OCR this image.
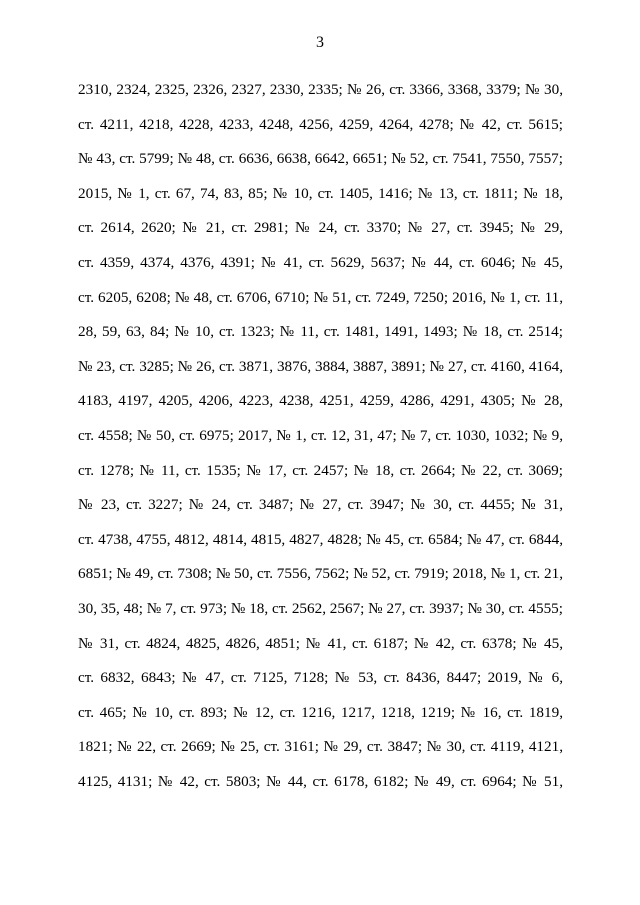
3
2310, 2324, 2325, 2326, 2327, 2330, 2335; № 26, ст. 3366, 3368, 3379; № 30,
ст. 4211, 4218, 4228, 4233, 4248, 4256, 4259, 4264, 4278; № 42, ст. 5615;
№ 43, ст. 5799; № 48, ст. 6636, 6638, 6642, 6651; № 52, ст. 7541, 7550, 7557;
2015, № 1, ст. 67, 74, 83, 85; № 10, ст. 1405, 1416; № 13, ст. 1811; № 18,
ст. 2614, 2620; № 21, ст. 2981; № 24, ст. 3370; № 27, ст. 3945; № 29,
ст. 4359, 4374, 4376, 4391; № 41, ст. 5629, 5637; № 44, ст. 6046; № 45,
ст. 6205, 6208; № 48, ст. 6706, 6710; № 51, ст. 7249, 7250; 2016, № 1, ст. 11,
28, 59, 63, 84; № 10, ст. 1323; № 11, ст. 1481, 1491, 1493; № 18, ст. 2514;
№ 23, ст. 3285; № 26, ст. 3871, 3876, 3884, 3887, 3891; № 27, ст. 4160, 4164,
4183, 4197, 4205, 4206, 4223, 4238, 4251, 4259, 4286, 4291, 4305; № 28,
ст. 4558; № 50, ст. 6975; 2017, № 1, ст. 12, 31, 47; № 7, ст. 1030, 1032; № 9,
ст. 1278; № 11, ст. 1535; № 17, ст. 2457; № 18, ст. 2664; № 22, ст. 3069;
№ 23, ст. 3227; № 24, ст. 3487; № 27, ст. 3947; № 30, ст. 4455; № 31,
ст. 4738, 4755, 4812, 4814, 4815, 4827, 4828; № 45, ст. 6584; № 47, ст. 6844,
6851; № 49, ст. 7308; № 50, ст. 7556, 7562; № 52, ст. 7919; 2018, № 1, ст. 21,
30, 35, 48; № 7, ст. 973; № 18, ст. 2562, 2567; № 27, ст. 3937; № 30, ст. 4555;
№ 31, ст. 4824, 4825, 4826, 4851; № 41, ст. 6187; № 42, ст. 6378; № 45,
ст. 6832, 6843; № 47, ст. 7125, 7128; № 53, ст. 8436, 8447; 2019, № 6,
ст. 465; № 10, ст. 893; № 12, ст. 1216, 1217, 1218, 1219; № 16, ст. 1819,
1821; № 22, ст. 2669; № 25, ст. 3161; № 29, ст. 3847; № 30, ст. 4119, 4121,
4125, 4131; № 42, ст. 5803; № 44, ст. 6178, 6182; № 49, ст. 6964; № 51,
